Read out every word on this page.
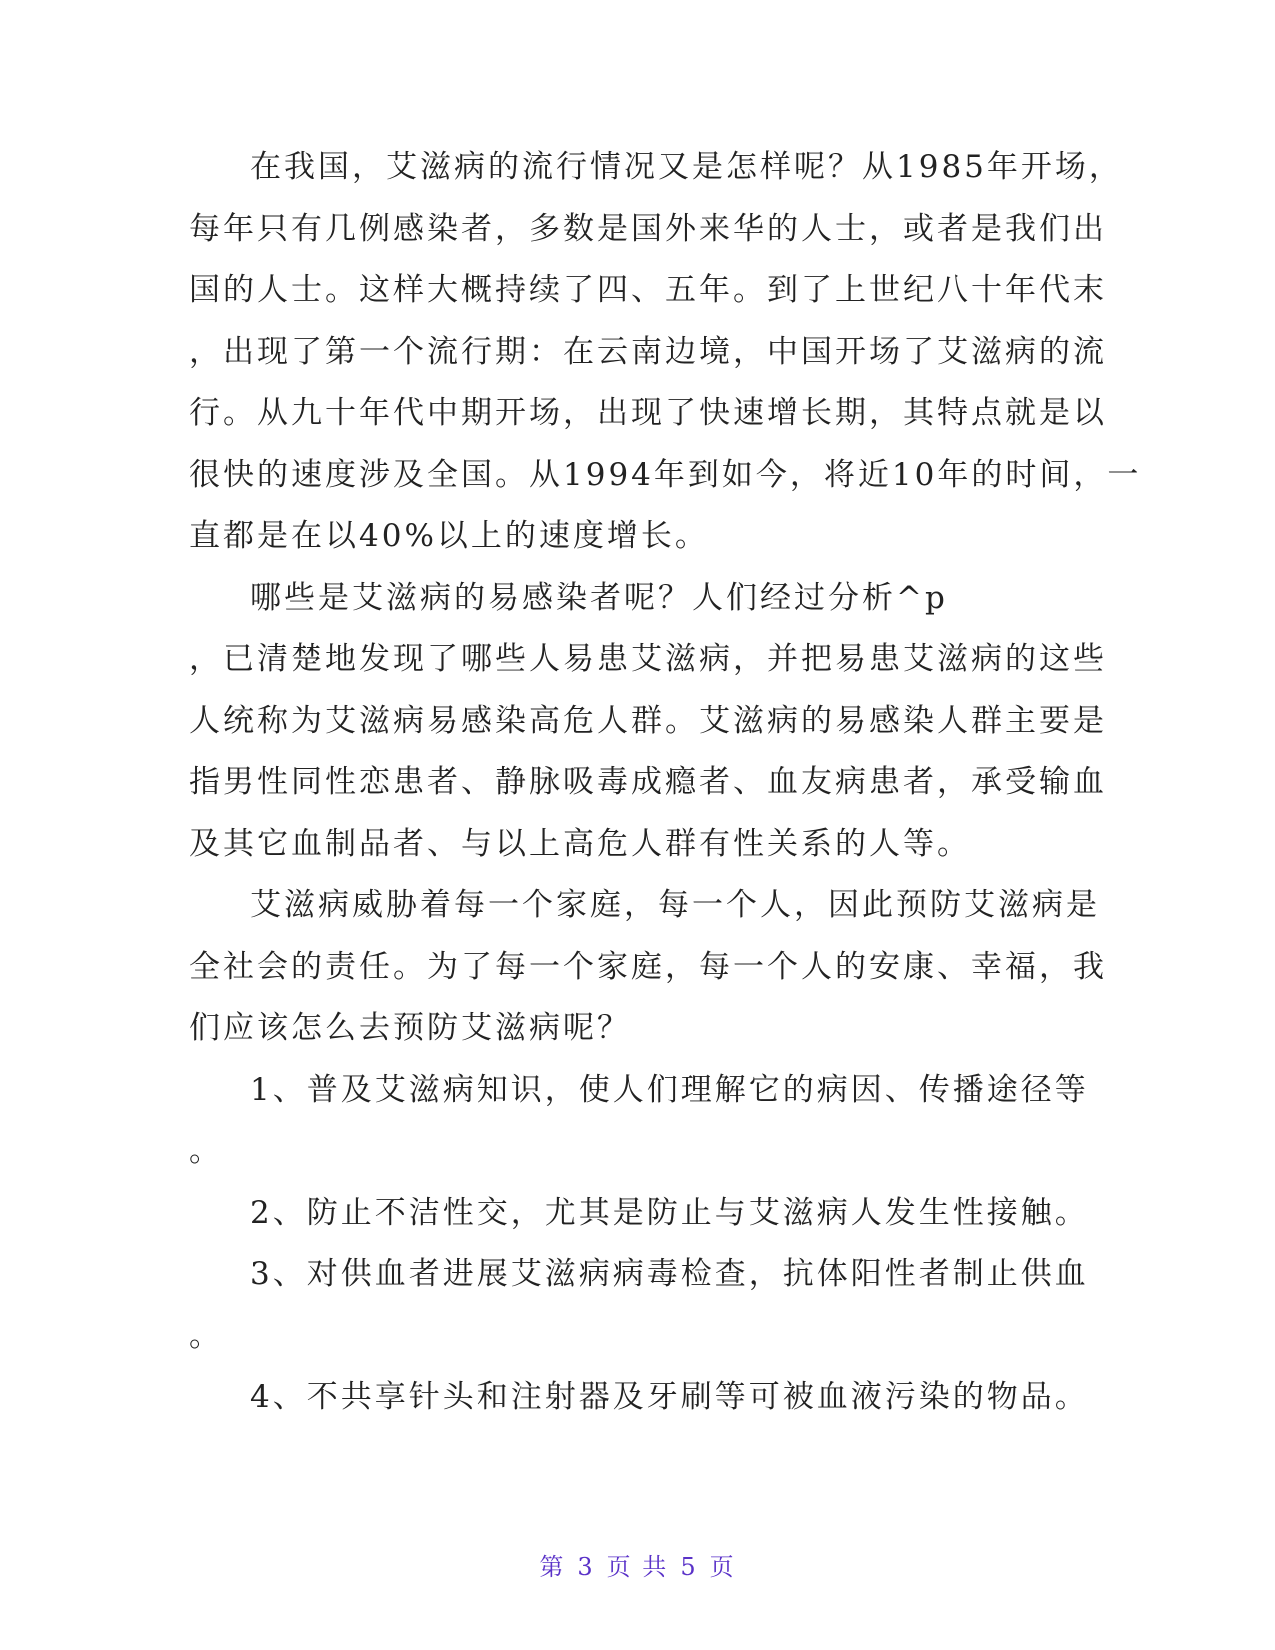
在我国，艾滋病的流行情况又是怎样呢？从1985年开场，
每年只有几例感染者，多数是国外来华的人士，或者是我们出
国的人士。这样大概持续了四、五年。到了上世纪八十年代末
，出现了第一个流行期：在云南边境，中国开场了艾滋病的流
行。从九十年代中期开场，出现了快速增长期，其特点就是以
很快的速度涉及全国。从1994年到如今，将近10年的时间，一
直都是在以40%以上的速度增长。
哪些是艾滋病的易感染者呢？人们经过分析^p
，已清楚地发现了哪些人易患艾滋病，并把易患艾滋病的这些
人统称为艾滋病易感染高危人群。艾滋病的易感染人群主要是
指男性同性恋患者、静脉吸毒成瘾者、血友病患者，承受输血
及其它血制品者、与以上高危人群有性关系的人等。
艾滋病威胁着每一个家庭，每一个人，因此预防艾滋病是
全社会的责任。为了每一个家庭，每一个人的安康、幸福，我
们应该怎么去预防艾滋病呢？
1、普及艾滋病知识，使人们理解它的病因、传播途径等
。
2、防止不洁性交，尤其是防止与艾滋病人发生性接触。
3、对供血者进展艾滋病病毒检查，抗体阳性者制止供血
。
4、不共享针头和注射器及牙刷等可被血液污染的物品。
第 3 页 共 5 页
